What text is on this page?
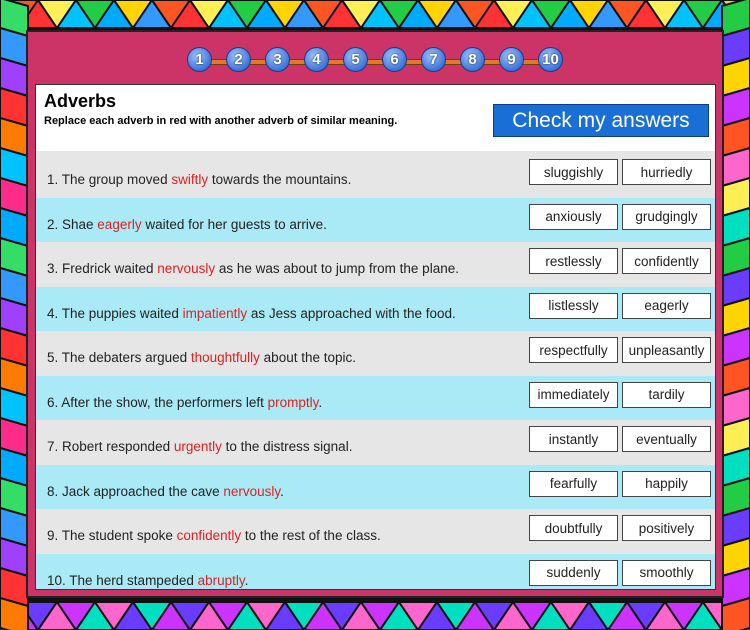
1	2	3	4	5	6	7	8	9	10
Adverbs
Replace each adverb in red with another adverb of similar meaning.	Check my answers
1. The group moved swiftly towards the mountains.	sluggishly	hurriedly
2. Shae eagerly waited for her guests to arrive.	anxiously	grudgingly
3. Fredrick waited nervously as he was about to jump from the plane.	restlessly	confidently
4. The puppies waited impatiently as Jess approached with the food.	listlessly	eagerly
5. The debaters argued thoughtfully about the topic.	respectfully	unpleasantly
6. After the show, the performers left promptly.	immediately	tardily
7. Robert responded urgently to the distress signal.	instantly	eventually
8. Jack approached the cave nervously.	fearfully	happily
9. The student spoke confidently to the rest of the class.	doubtfully	positively
10. The herd stampeded abruptly.	suddenly	smoothly
